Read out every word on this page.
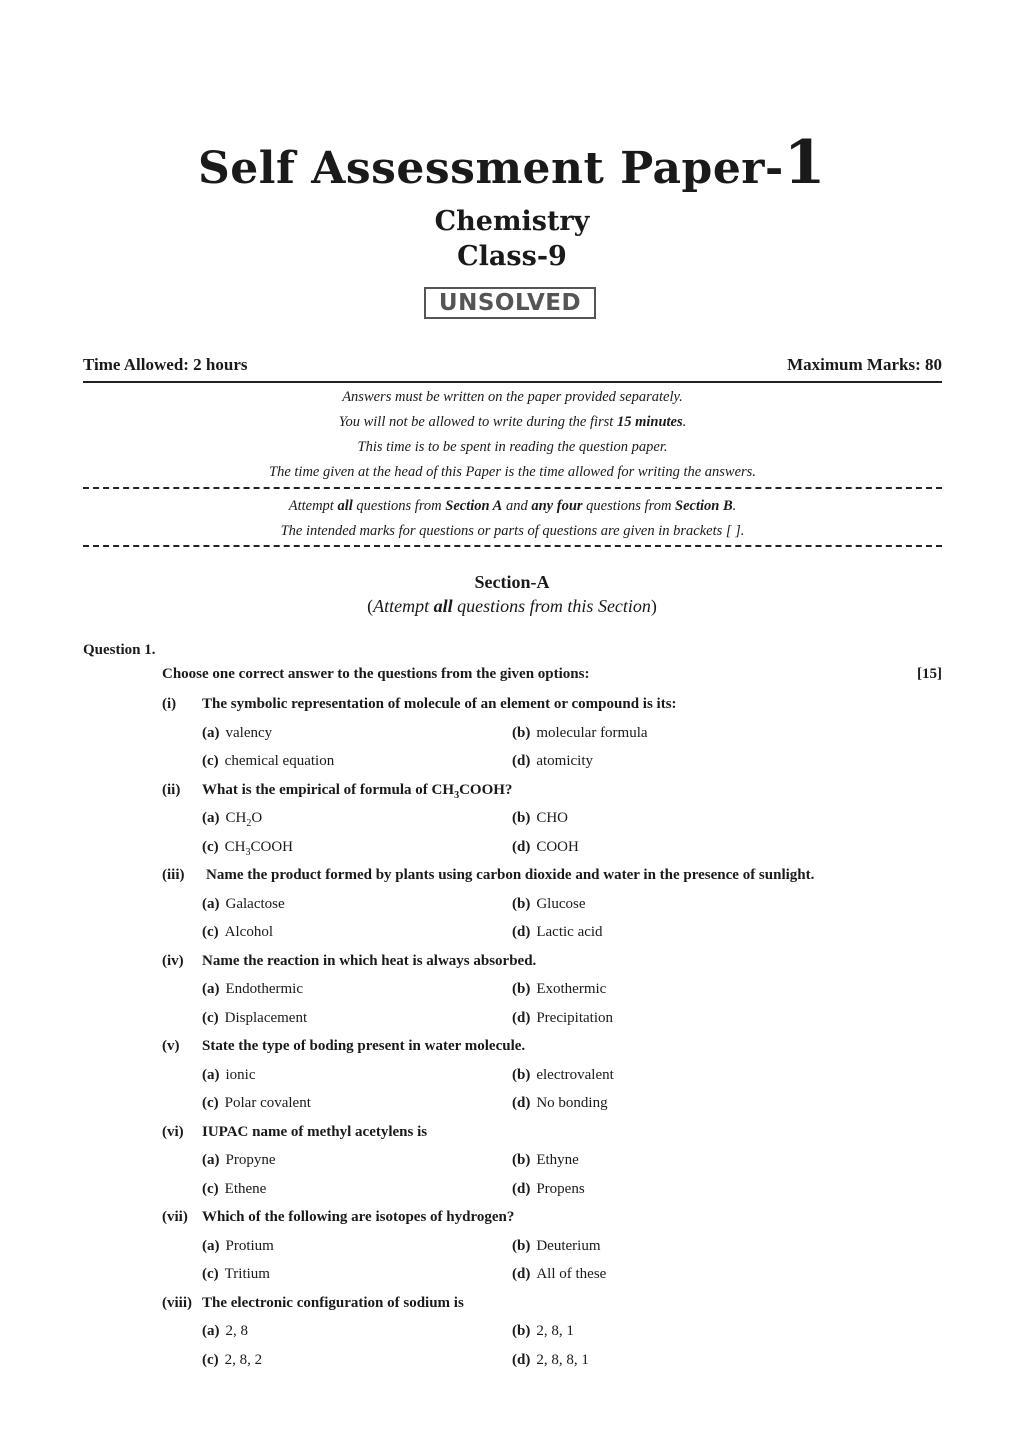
Self Assessment Paper-1
Chemistry
Class-9
UNSOLVED
Time Allowed: 2 hours	Maximum Marks: 80
Answers must be written on the paper provided separately.
You will not be allowed to write during the first 15 minutes.
This time is to be spent in reading the question paper.
The time given at the head of this Paper is the time allowed for writing the answers.
Attempt all questions from Section A and any four questions from Section B.
The intended marks for questions or parts of questions are given in brackets [ ].
Section-A
(Attempt all questions from this Section)
Question 1.
Choose one correct answer to the questions from the given options:	[15]
(i) The symbolic representation of molecule of an element or compound is its:
(a) valency	(b) molecular formula
(c) chemical equation	(d) atomicity
(ii) What is the empirical of formula of $CH_3COOH$?
(a) $CH_2O$	(b) CHO
(c) $CH_3COOH$	(d) COOH
(iii) Name the product formed by plants using carbon dioxide and water in the presence of sunlight.
(a) Galactose	(b) Glucose
(c) Alcohol	(d) Lactic acid
(iv) Name the reaction in which heat is always absorbed.
(a) Endothermic	(b) Exothermic
(c) Displacement	(d) Precipitation
(v) State the type of boding present in water molecule.
(a) ionic	(b) electrovalent
(c) Polar covalent	(d) No bonding
(vi) IUPAC name of methyl acetylens is
(a) Propyne	(b) Ethyne
(c) Ethene	(d) Propens
(vii) Which of the following are isotopes of hydrogen?
(a) Protium	(b) Deuterium
(c) Tritium	(d) All of these
(viii) The electronic configuration of sodium is
(a) 2, 8	(b) 2, 8, 1
(c) 2, 8, 2	(d) 2, 8, 8, 1
